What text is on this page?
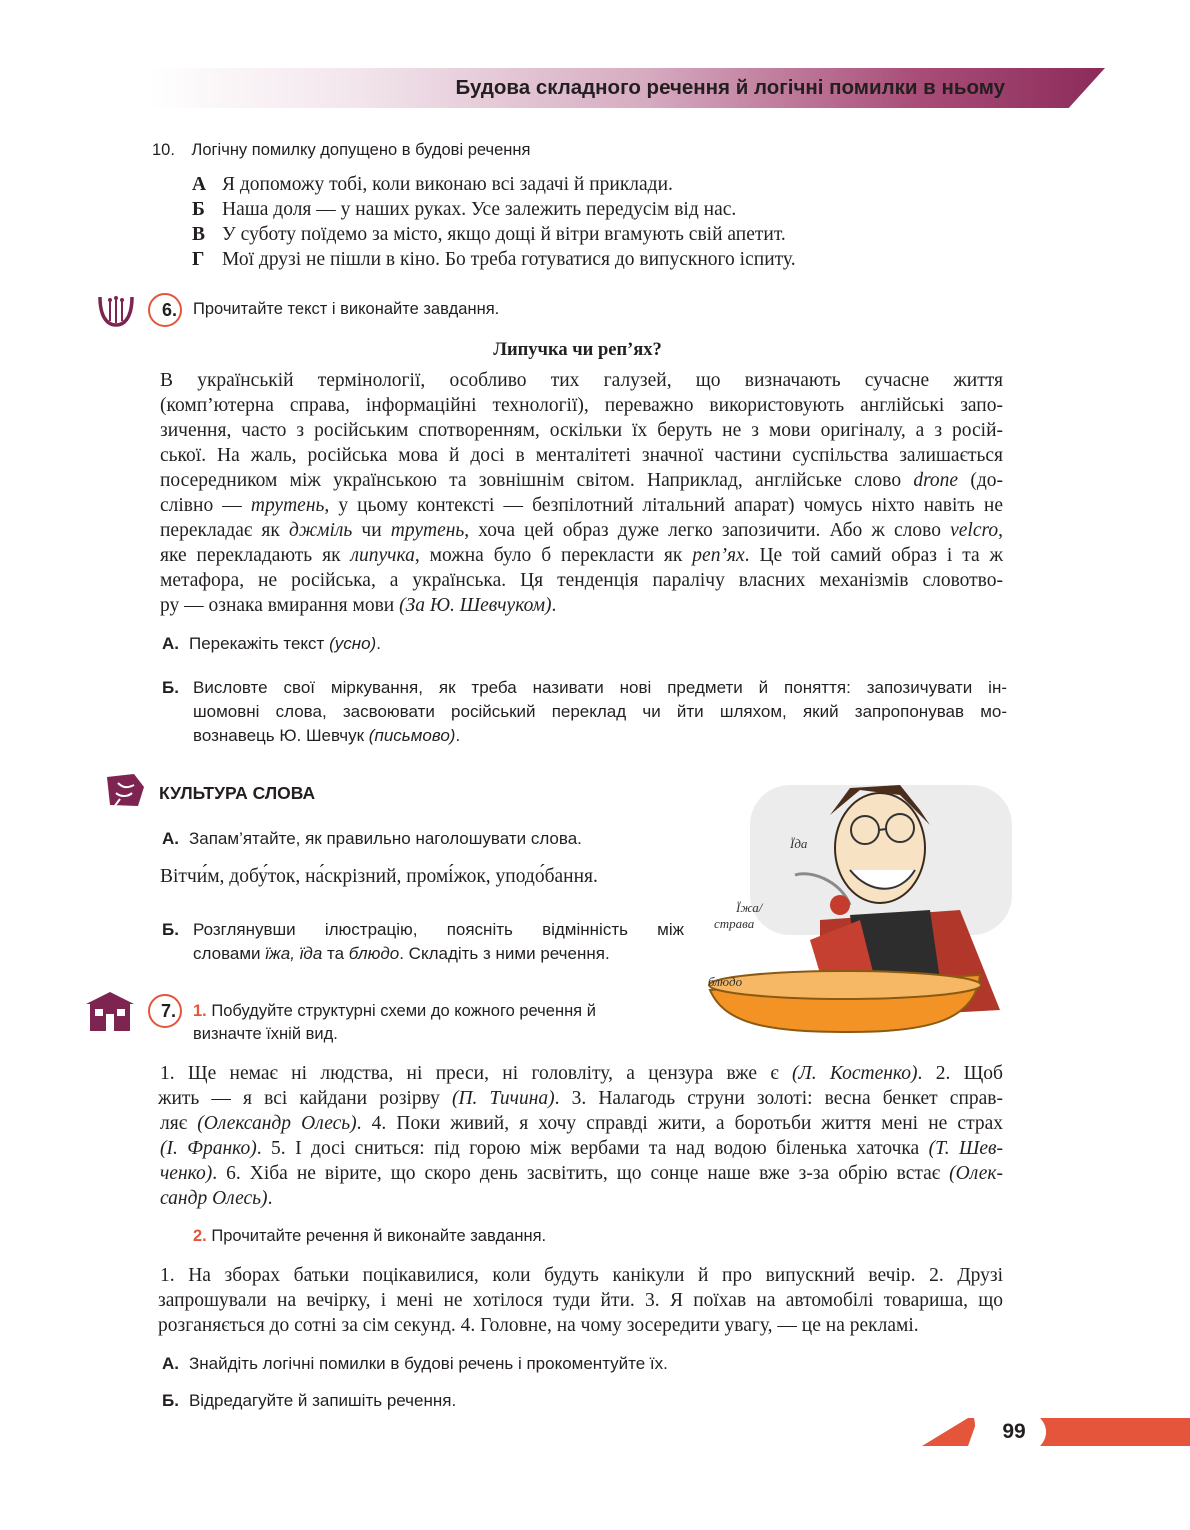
Будова складного речення й логічні помилки в ньому
10. Логічну помилку допущено в будові речення
А Я допоможу тобі, коли виконаю всі задачі й приклади.
Б Наша доля — у наших руках. Усе залежить передусім від нас.
В У суботу поїдемо за місто, якщо дощі й вітри вгамують свій апетит.
Г Мої друзі не пішли в кіно. Бо треба готуватися до випускного іспиту.
6. Прочитайте текст і виконайте завдання.
Липучка чи реп’ях?
В українській термінології, особливо тих галузей, що визначають сучасне життя
(комп’ютерна справа, інформаційні технології), переважно використовують англійські запо-
зичення, часто з російським спотворенням, оскільки їх беруть не з мови оригіналу, а з росій-
ської. На жаль, російська мова й досі в менталітеті значної частини суспільства залишається
посередником між українською та зовнішнім світом. Наприклад, англійське слово drone (до-
слівно — трутень, у цьому контексті — безпілотний літальний апарат) чомусь ніхто навіть не
перекладає як джміль чи трутень, хоча цей образ дуже легко запозичити. Або ж слово velcro,
яке перекладають як липучка, можна було б перекласти як реп’ях. Це той самий образ і та ж
метафора, не російська, а українська. Ця тенденція паралічу власних механізмів словотво-
ру — ознака вмирання мови (За Ю. Шевчуком).
А. Перекажіть текст (усно).
Б. Висловте свої міркування, як треба називати нові предмети й поняття: запозичувати ін-
шомовні слова, засвоювати російський переклад чи йти шляхом, який запропонував мо-
вознавець Ю. Шевчук (письмово).
КУЛЬТУРА СЛОВА
А. Запам’ятайте, як правильно наголошувати слова.
Вітчи́м, добу́ток, на́скрізний, промі́жок, уподо́бання.
Б. Розглянувши ілюстрацію, поясніть відмінність між
словами їжа, їда та блюдо. Складіть з ними речення.
Їда
Їжа/
страва
блюдо
7. 1. Побудуйте структурні схеми до кожного речення й
визначте їхній вид.
1. Ще немає ні людства, ні преси, ні головліту, а цензура вже є (Л. Костенко). 2. Щоб
жить — я всі кайдани розірву (П. Тичина). 3. Налагодь струни золоті: весна бенкет справ-
ляє (Олександр Олесь). 4. Поки живий, я хочу справді жити, а боротьби життя мені не страх
(І. Франко). 5. І досі сниться: під горою між вербами та над водою біленька хаточка (Т. Шев-
ченко). 6. Хіба не вірите, що скоро день засвітить, що сонце наше вже з-за обрію встає (Олек-
сандр Олесь).
2. Прочитайте речення й виконайте завдання.
1. На зборах батьки поцікавилися, коли будуть канікули й про випускний вечір. 2. Друзі
запрошували на вечірку, і мені не хотілося туди йти. 3. Я поїхав на автомобілі товариша, що
розганяється до сотні за сім секунд. 4. Головне, на чому зосередити увагу, — це на рекламі.
А. Знайдіть логічні помилки в будові речень і прокоментуйте їх.
Б. Відредагуйте й запишіть речення.
99
